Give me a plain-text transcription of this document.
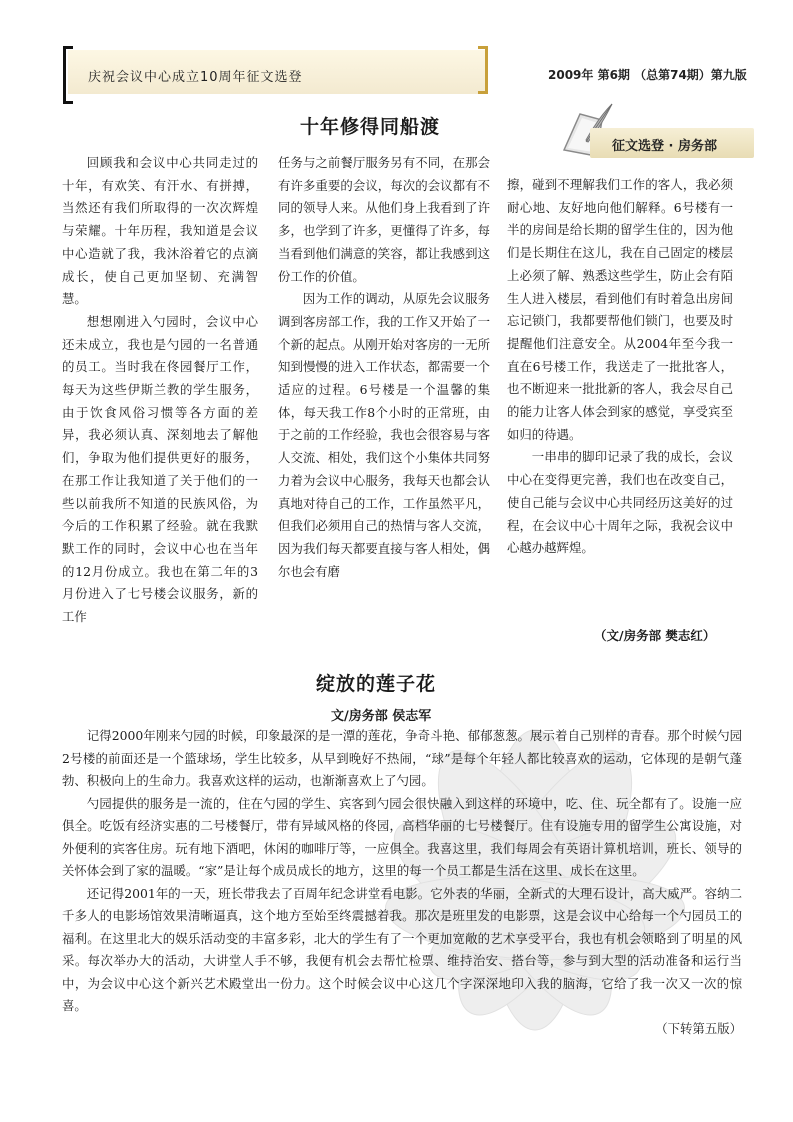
庆祝会议中心成立10周年征文选登	2009年 第6期 （总第74期）第九版
征文选登 · 房务部
十年修得同船渡

回顾我和会议中心共同走过的十年，有欢笑、有汗水、有拼搏，当然还有我们所取得的一次次辉煌与荣耀。十年历程，我知道是会议中心造就了我，我沐浴着它的点滴成长，使自己更加坚韧、充满智慧。

想想刚进入勺园时，会议中心还未成立，我也是勺园的一名普通的员工。当时我在佟园餐厅工作，每天为这些伊斯兰教的学生服务，由于饮食风俗习惯等各方面的差异，我必须认真、深刻地去了解他们，争取为他们提供更好的服务，在那工作让我知道了关于他们的一些以前我所不知道的民族风俗，为今后的工作积累了经验。就在我默默工作的同时，会议中心也在当年的12月份成立。我也在第二年的3月份进入了七号楼会议服务，新的工作

任务与之前餐厅服务另有不同，在那会有许多重要的会议，每次的会议都有不同的领导人来。从他们身上我看到了许多，也学到了许多，更懂得了许多，每当看到他们满意的笑容，都让我感到这份工作的价值。

因为工作的调动，从原先会议服务调到客房部工作，我的工作又开始了一个新的起点。从刚开始对客房的一无所知到慢慢的进入工作状态，都需要一个适应的过程。6号楼是一个温馨的集体，每天我工作8个小时的正常班，由于之前的工作经验，我也会很容易与客人交流、相处，我们这个小集体共同努力着为会议中心服务，我每天也都会认真地对待自己的工作，工作虽然平凡，但我们必须用自己的热情与客人交流，因为我们每天都要直接与客人相处，偶尔也会有磨

擦，碰到不理解我们工作的客人，我必须耐心地、友好地向他们解释。6号楼有一半的房间是给长期的留学生住的，因为他们是长期住在这儿，我在自己固定的楼层上必须了解、熟悉这些学生，防止会有陌生人进入楼层，看到他们有时着急出房间忘记锁门，我都要帮他们锁门，也要及时提醒他们注意安全。从2004年至今我一直在6号楼工作，我送走了一批批客人，也不断迎来一批批新的客人，我会尽自己的能力让客人体会到家的感觉，享受宾至如归的待遇。

一串串的脚印记录了我的成长，会议中心在变得更完善，我们也在改变自己，使自己能与会议中心共同经历这美好的过程，在会议中心十周年之际，我祝会议中心越办越辉煌。

（文/房务部 樊志红）
绽放的莲子花
文/房务部 侯志军

记得2000年刚来勺园的时候，印象最深的是一潭的莲花，争奇斗艳、郁郁葱葱。展示着自己别样的青春。那个时候勺园2号楼的前面还是一个篮球场，学生比较多，从早到晚好不热闹，“球”是每个年轻人都比较喜欢的运动，它体现的是朝气蓬勃、积极向上的生命力。我喜欢这样的运动，也渐渐喜欢上了勺园。

勺园提供的服务是一流的，住在勺园的学生、宾客到勺园会很快融入到这样的环境中，吃、住、玩全都有了。设施一应俱全。吃饭有经济实惠的二号楼餐厅，带有异域风格的佟园，高档华丽的七号楼餐厅。住有设施专用的留学生公寓设施，对外便利的宾客住房。玩有地下酒吧，休闲的咖啡厅等，一应俱全。我喜这里，我们每周会有英语计算机培训，班长、领导的关怀体会到了家的温暖。“家”是让每个成员成长的地方，这里的每一个员工都是生活在这里、成长在这里。

还记得2001年的一天，班长带我去了百周年纪念讲堂看电影。它外表的华丽，全新式的大理石设计，高大威严。容纳二千多人的电影场馆效果清晰逼真，这个地方至始至终震撼着我。那次是班里发的电影票，这是会议中心给每一个勺园员工的福利。在这里北大的娱乐活动变的丰富多彩，北大的学生有了一个更加宽敞的艺术享受平台，我也有机会领略到了明星的风采。每次举办大的活动，大讲堂人手不够，我便有机会去帮忙检票、维持治安、搭台等，参与到大型的活动准备和运行当中，为会议中心这个新兴艺术殿堂出一份力。这个时候会议中心这几个字深深地印入我的脑海，它给了我一次又一次的惊喜。

（下转第五版）
